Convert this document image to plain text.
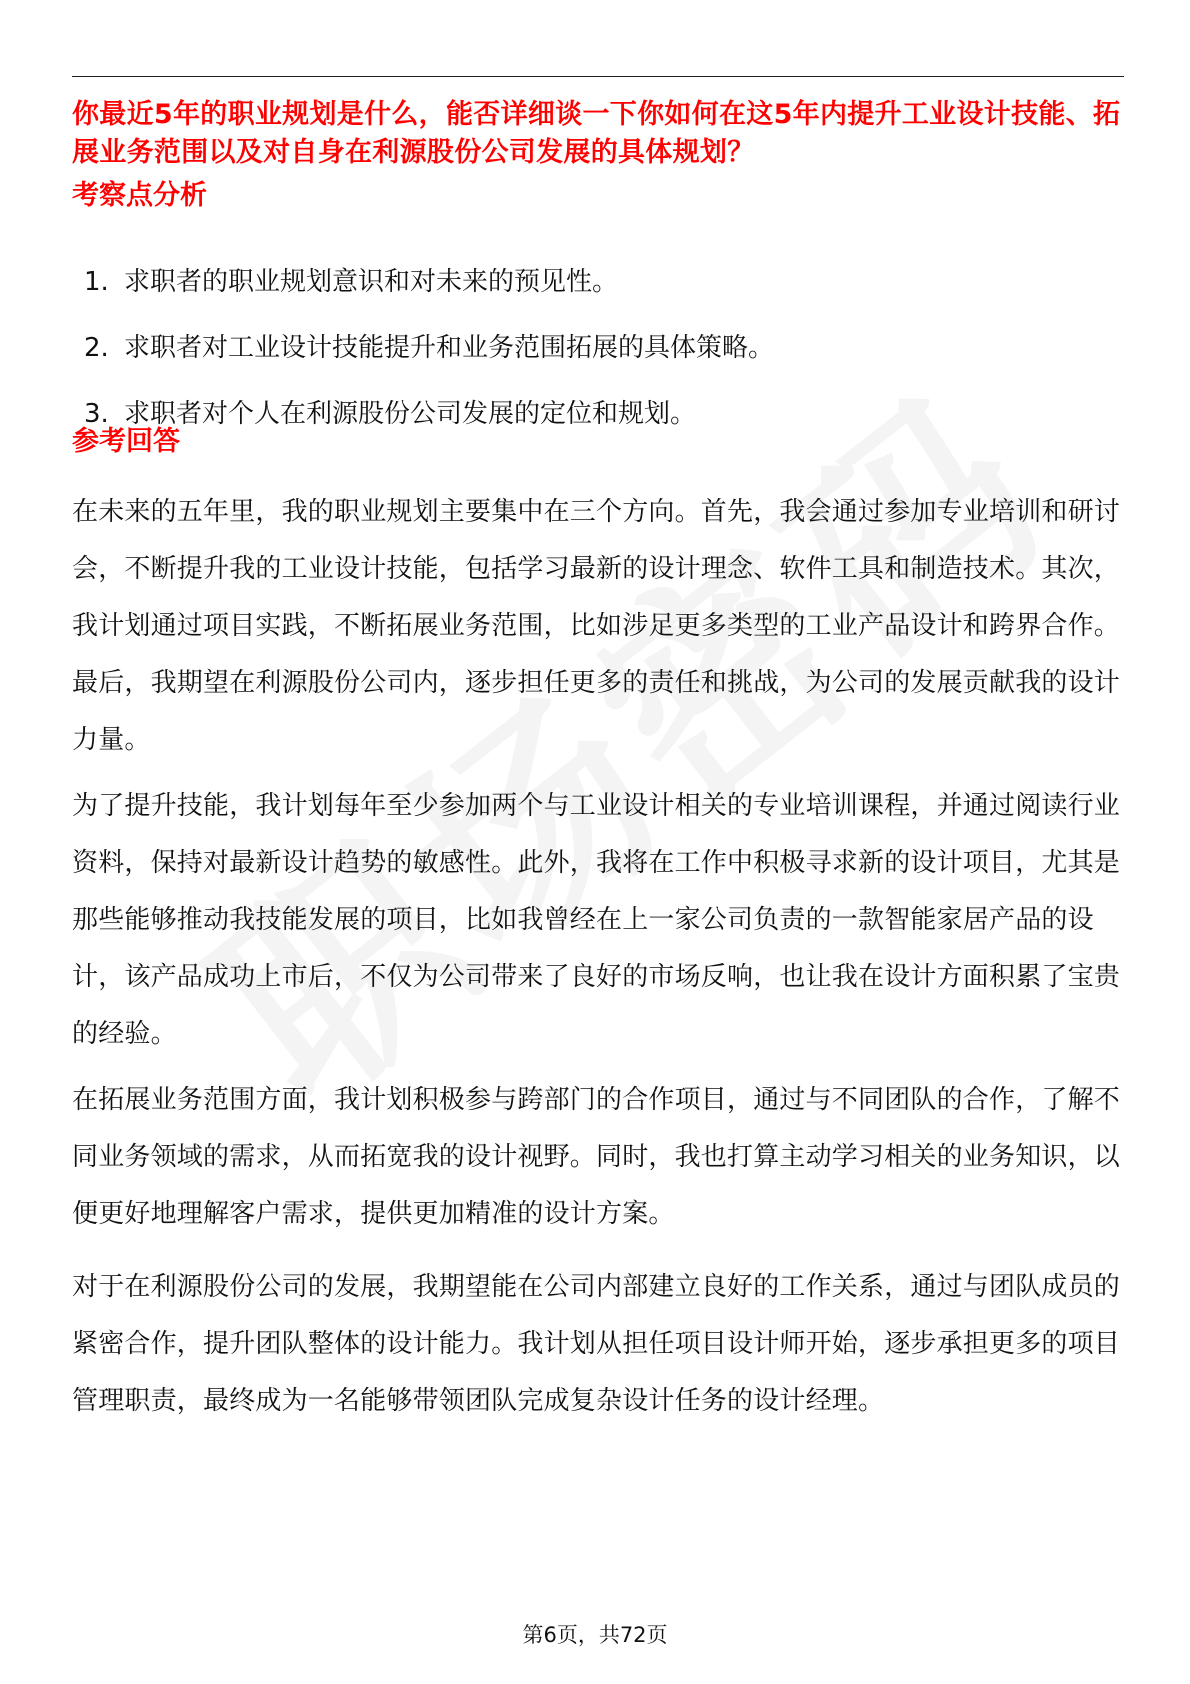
你最近5年的职业规划是什么，能否详细谈一下你如何在这5年内提升工业设计技能、拓展业务范围以及对自身在利源股份公司发展的具体规划？
考察点分析
1. 求职者的职业规划意识和对未来的预见性。
2. 求职者对工业设计技能提升和业务范围拓展的具体策略。
3. 求职者对个人在利源股份公司发展的定位和规划。
参考回答

在未来的五年里，我的职业规划主要集中在三个方向。首先，我会通过参加专业培训和研讨会，不断提升我的工业设计技能，包括学习最新的设计理念、软件工具和制造技术。其次，我计划通过项目实践，不断拓展业务范围，比如涉足更多类型的工业产品设计和跨界合作。最后，我期望在利源股份公司内，逐步担任更多的责任和挑战，为公司的发展贡献我的设计力量。

为了提升技能，我计划每年至少参加两个与工业设计相关的专业培训课程，并通过阅读行业资料，保持对最新设计趋势的敏感性。此外，我将在工作中积极寻求新的设计项目，尤其是那些能够推动我技能发展的项目，比如我曾经在上一家公司负责的一款智能家居产品的设计，该产品成功上市后，不仅为公司带来了良好的市场反响，也让我在设计方面积累了宝贵的经验。

在拓展业务范围方面，我计划积极参与跨部门的合作项目，通过与不同团队的合作，了解不同业务领域的需求，从而拓宽我的设计视野。同时，我也打算主动学习相关的业务知识，以便更好地理解客户需求，提供更加精准的设计方案。

对于在利源股份公司的发展，我期望能在公司内部建立良好的工作关系，通过与团队成员的紧密合作，提升团队整体的设计能力。我计划从担任项目设计师开始，逐步承担更多的项目管理职责，最终成为一名能够带领团队完成复杂设计任务的设计经理。

第6页，共72页
